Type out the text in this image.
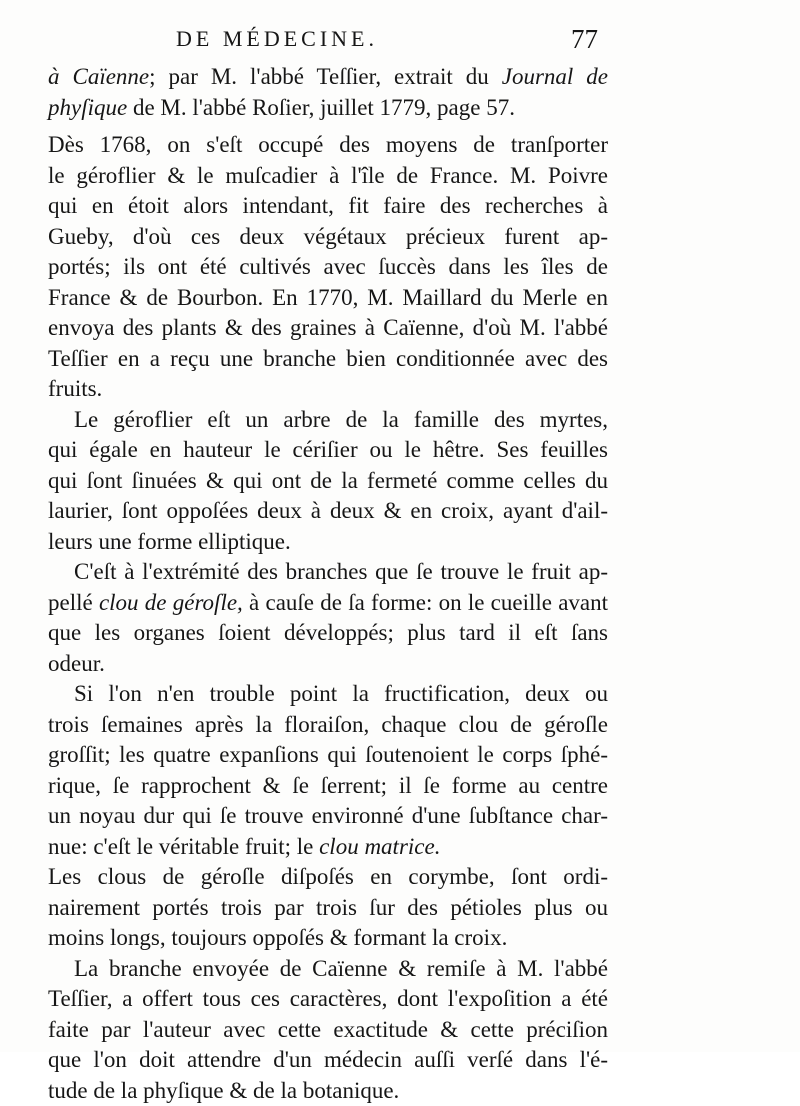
DE MÉDECINE.	77
à Caïenne; par M. l'abbé Teſſier, extrait du Journal de
phyſique de M. l'abbé Roſier, juillet 1779, page 57.
Dès 1768, on s'eſt occupé des moyens de tranſporter
le géroflier & le muſcadier à l'île de France. M. Poivre
qui en étoit alors intendant, fit faire des recherches à
Gueby, d'où ces deux végétaux précieux furent ap-
portés; ils ont été cultivés avec ſuccès dans les îles de
France & de Bourbon. En 1770, M. Maillard du Merle en
envoya des plants & des graines à Caïenne, d'où M. l'abbé
Teſſier en a reçu une branche bien conditionnée avec des
fruits.
Le géroflier eſt un arbre de la famille des myrtes,
qui égale en hauteur le cériſier ou le hêtre. Ses feuilles
qui ſont ſinuées & qui ont de la fermeté comme celles du
laurier, ſont oppoſées deux à deux & en croix, ayant d'ail-
leurs une forme elliptique.
C'eſt à l'extrémité des branches que ſe trouve le fruit ap-
pellé clou de géroſle, à cauſe de ſa forme: on le cueille avant
que les organes ſoient développés; plus tard il eſt ſans
odeur.
Si l'on n'en trouble point la fructification, deux ou
trois ſemaines après la floraiſon, chaque clou de géroſle
groſſit; les quatre expanſions qui ſoutenoient le corps ſphé-
rique, ſe rapprochent & ſe ſerrent; il ſe forme au centre
un noyau dur qui ſe trouve environné d'une ſubſtance char-
nue: c'eſt le véritable fruit; le clou matrice.
Les clous de géroſle diſpoſés en corymbe, ſont ordi-
nairement portés trois par trois ſur des pétioles plus ou
moins longs, toujours oppoſés & formant la croix.
La branche envoyée de Caïenne & remiſe à M. l'abbé
Teſſier, a offert tous ces caractères, dont l'expoſition a été
faite par l'auteur avec cette exactitude & cette préciſion
que l'on doit attendre d'un médecin auſſi verſé dans l'é-
tude de la phyſique & de la botanique.
